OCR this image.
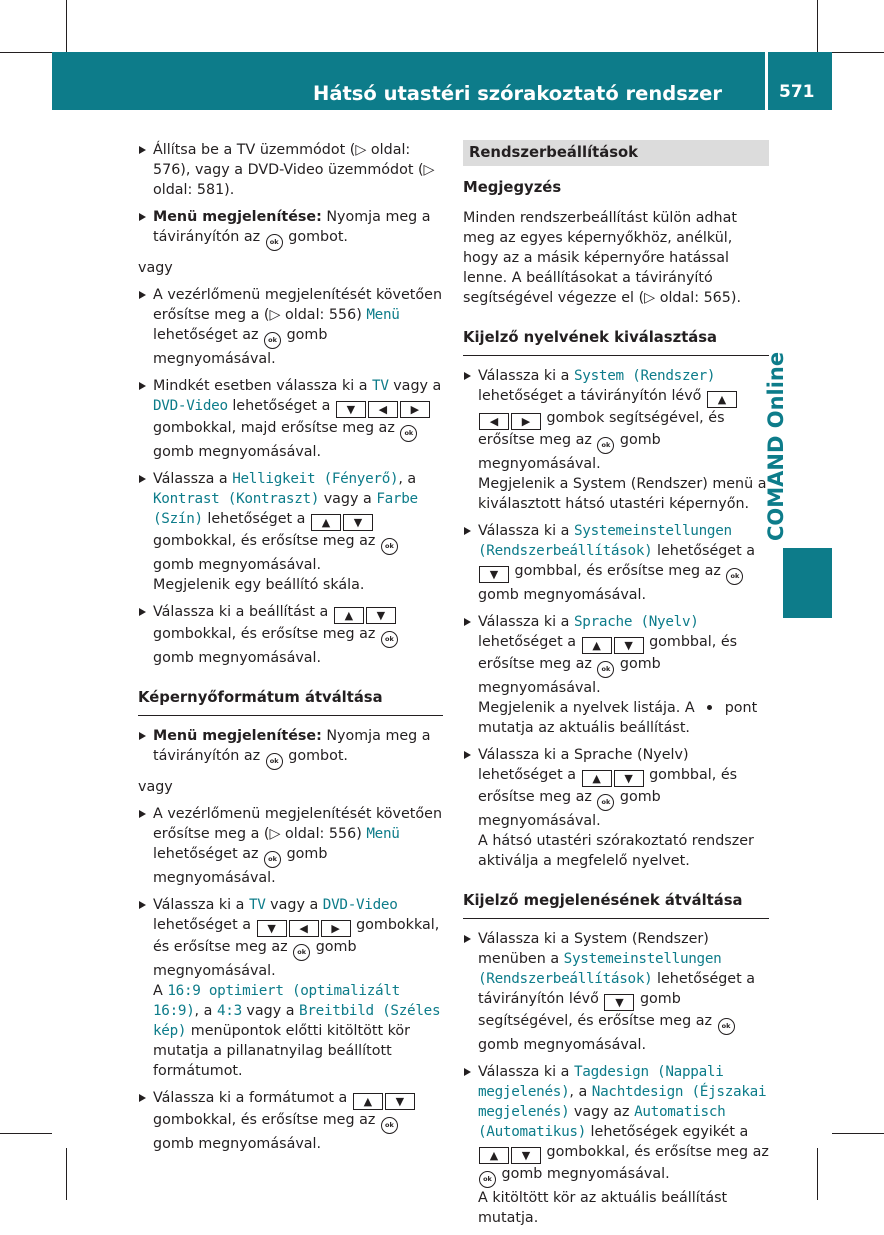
Hátsó utastéri szórakoztató rendszer	571
COMAND Online
Állítsa be a TV üzemmódot (▷ oldal: 576), vagy a DVD-Video üzemmódot (▷ oldal: 581).
Menü megjelenítése: Nyomja meg a távirányítón az ok gombot.
vagy
A vezérlőmenü megjelenítését követően erősítse meg a (▷ oldal: 556) Menü lehetőséget az ok gomb megnyomásával.
Mindkét esetben válassza ki a TV vagy a DVD-Video lehetőséget a ▼ ◀ ▶ gombokkal, majd erősítse meg az ok gomb megnyomásával.
Válassza a Helligkeit (Fényerő), a Kontrast (Kontraszt) vagy a Farbe (Szín) lehetőséget a ▲ ▼ gombokkal, és erősítse meg az ok gomb megnyomásával.
Megjelenik egy beállító skála.
Válassza ki a beállítást a ▲ ▼ gombokkal, és erősítse meg az ok gomb megnyomásával.
Képernyőformátum átváltása
Menü megjelenítése: Nyomja meg a távirányítón az ok gombot.
vagy
A vezérlőmenü megjelenítését követően erősítse meg a (▷ oldal: 556) Menü lehetőséget az ok gomb megnyomásával.
Válassza ki a TV vagy a DVD-Video lehetőséget a ▼ ◀ ▶ gombokkal, és erősítse meg az ok gomb megnyomásával.
A 16:9 optimiert (optimalizált 16:9), a 4:3 vagy a Breitbild (Széles kép) menüpontok előtti kitöltött kör mutatja a pillanatnyilag beállított formátumot.
Válassza ki a formátumot a ▲ ▼ gombokkal, és erősítse meg az ok gomb megnyomásával.
Rendszerbeállítások
Megjegyzés
Minden rendszerbeállítást külön adhat meg az egyes képernyőkhöz, anélkül, hogy az a másik képernyőre hatással lenne. A beállításokat a távirányító segítségével végezze el (▷ oldal: 565).
Kijelző nyelvének kiválasztása
Válassza ki a System (Rendszer) lehetőséget a távirányítón lévő ▲◀ ▶ gombok segítségével, és erősítse meg az ok gomb megnyomásával.
Megjelenik a System (Rendszer) menü a kiválasztott hátsó utastéri képernyőn.
Válassza ki a Systemeinstellungen (Rendszerbeállítások) lehetőséget a ▼ gombbal, és erősítse meg az ok gomb megnyomásával.
Válassza ki a Sprache (Nyelv) lehetőséget a ▲ ▼ gombbal, és erősítse meg az ok gomb megnyomásával.
Megjelenik a nyelvek listája. A  pont mutatja az aktuális beállítást.
Válassza ki a Sprache (Nyelv) lehetőséget a ▲ ▼ gombbal, és erősítse meg az ok gomb megnyomásával.
A hátsó utastéri szórakoztató rendszer aktiválja a megfelelő nyelvet.
Kijelző megjelenésének átváltása
Válassza ki a System (Rendszer) menüben a Systemeinstellungen (Rendszerbeállítások) lehetőséget a távirányítón lévő ▼ gomb segítségével, és erősítse meg az ok gomb megnyomásával.
Válassza ki a Tagdesign (Nappali megjelenés), a Nachtdesign (Éjszakai megjelenés) vagy az Automatisch (Automatikus) lehetőségek egyikét a ▲ ▼ gombokkal, és erősítse meg az ok gomb megnyomásával.
A kitöltött kör az aktuális beállítást mutatja.
